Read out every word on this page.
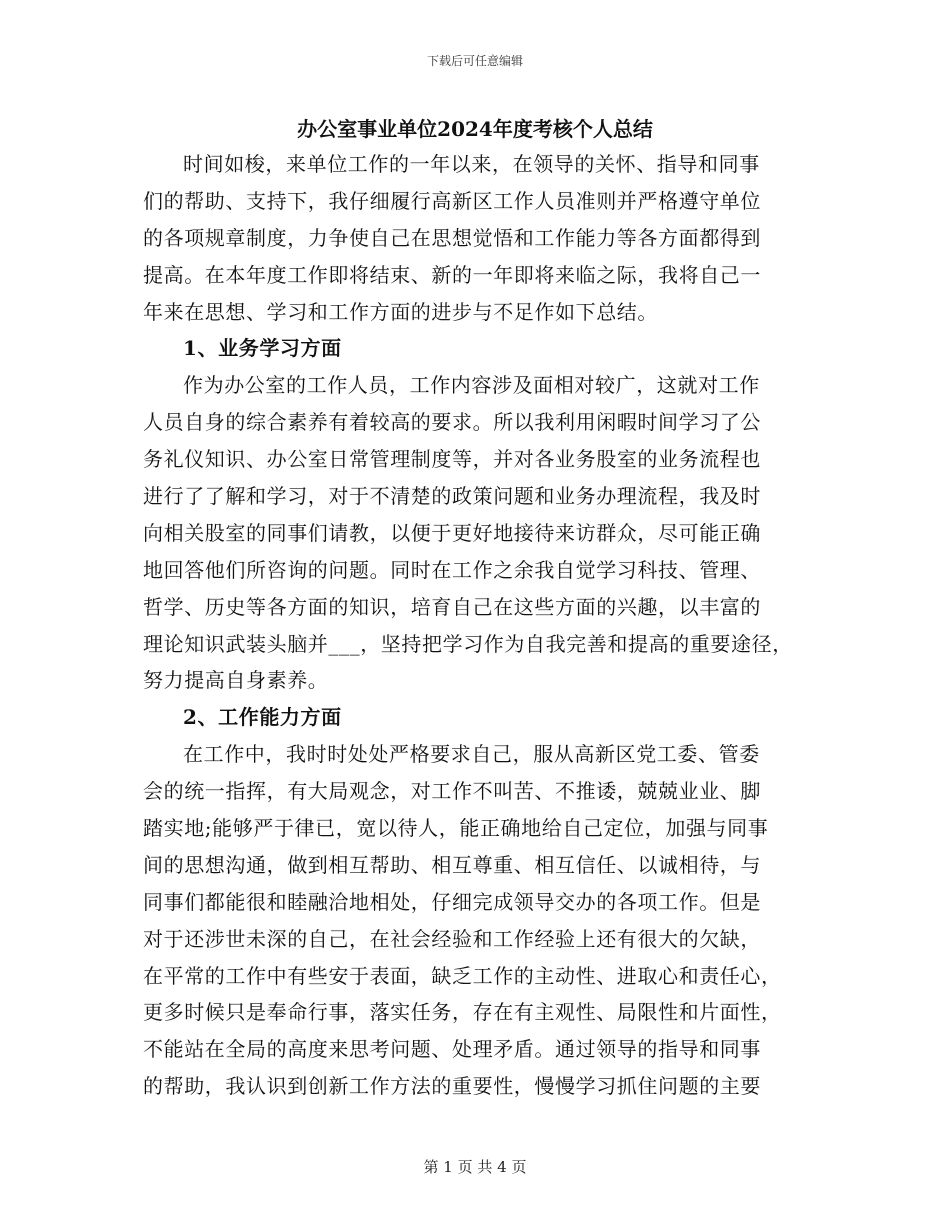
下载后可任意编辑
办公室事业单位2024年度考核个人总结
时间如梭，来单位工作的一年以来，在领导的关怀、指导和同事
们的帮助、支持下，我仔细履行高新区工作人员准则并严格遵守单位
的各项规章制度，力争使自己在思想觉悟和工作能力等各方面都得到
提高。在本年度工作即将结束、新的一年即将来临之际，我将自己一
年来在思想、学习和工作方面的进步与不足作如下总结。
1、业务学习方面
作为办公室的工作人员，工作内容涉及面相对较广，这就对工作
人员自身的综合素养有着较高的要求。所以我利用闲暇时间学习了公
务礼仪知识、办公室日常管理制度等，并对各业务股室的业务流程也
进行了了解和学习，对于不清楚的政策问题和业务办理流程，我及时
向相关股室的同事们请教，以便于更好地接待来访群众，尽可能正确
地回答他们所咨询的问题。同时在工作之余我自觉学习科技、管理、
哲学、历史等各方面的知识，培育自己在这些方面的兴趣，以丰富的
理论知识武装头脑并___，坚持把学习作为自我完善和提高的重要途径，
努力提高自身素养。
2、工作能力方面
在工作中，我时时处处严格要求自己，服从高新区党工委、管委
会的统一指挥，有大局观念，对工作不叫苦、不推诿，兢兢业业、脚
踏实地;能够严于律已，宽以待人，能正确地给自己定位，加强与同事
间的思想沟通，做到相互帮助、相互尊重、相互信任、以诚相待，与
同事们都能很和睦融洽地相处，仔细完成领导交办的各项工作。但是
对于还涉世未深的自己，在社会经验和工作经验上还有很大的欠缺，
在平常的工作中有些安于表面，缺乏工作的主动性、进取心和责任心，
更多时候只是奉命行事，落实任务，存在有主观性、局限性和片面性，
不能站在全局的高度来思考问题、处理矛盾。通过领导的指导和同事
的帮助，我认识到创新工作方法的重要性，慢慢学习抓住问题的主要
第 1 页 共 4 页
